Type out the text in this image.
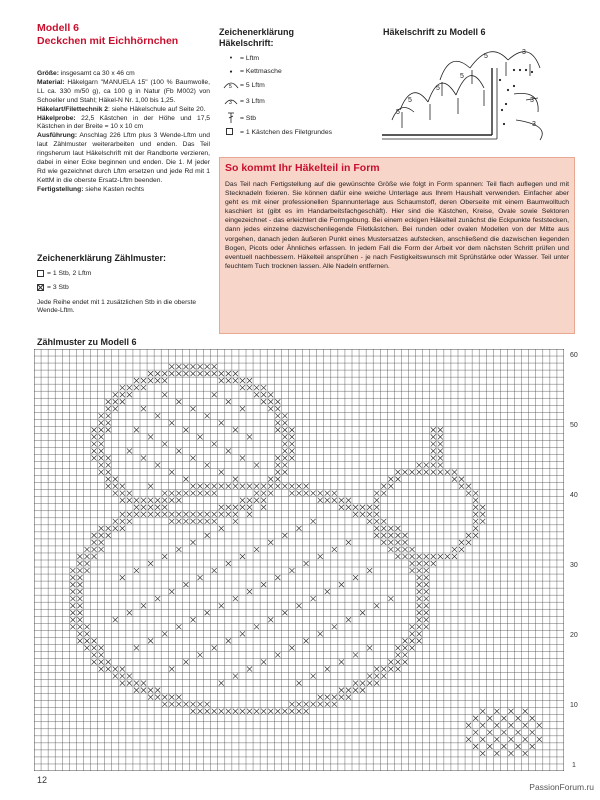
Modell 6
Deckchen mit Eichhörnchen

Größe: insgesamt ca 30 x 46 cm

Material: Häkelgarn "MANUELA 15" (100 % Baumwolle, LL ca. 330 m/50 g), ca 100 g in Natur (Fb M002) von Schoeller und Stahl; Häkel-N Nr. 1,00 bis 1,25.

Häkelart/Filettechnik 2: siehe Häkelschule auf Seite 20.

Häkelprobe: 22,5 Kästchen in der Höhe und 17,5 Kästchen in der Breite = 10 x 10 cm

Ausführung: Anschlag 226 Lftm plus 3 Wende-Lftm und laut Zählmuster weiterarbeiten und enden. Das Teil ringsherum laut Häkelschrift mit der Randborte verzieren, dabei in einer Ecke beginnen und enden. Die 1. M jeder Rd wie gezeichnet durch Lftm ersetzen und jede Rd mit 1 KettM in die oberste Ersatz-Lftm beenden.

Fertigstellung: siehe Kasten rechts

Zeichenerklärung Zählmuster:
= 1 Stb, 2 Lftm
= 3 Stb
Jede Reihe endet mit 1 zusätzlichen Stb in die oberste Wende-Lftm.
Zeichenerklärung
Häkelschrift:
•	= Lftm
●	= Kettmasche
5 = 5 Lftm
3 = 3 Lftm
= Stb
= 1 Kästchen des Filetgrundes
Häkelschrift zu Modell 6
5
5
5
5
3
5
3
3
So kommt Ihr Häkelteil in Form

Das Teil nach Fertigstellung auf die gewünschte Größe wie folgt in Form spannen: Teil flach auflegen und mit Stecknadeln fixieren. Sie können dafür eine weiche Unterlage aus Ihrem Haushalt verwenden. Einfacher aber geht es mit einer professionellen Spannunterlage aus Schaumstoff, deren Oberseite mit einem Baumwolltuch kaschiert ist (gibt es im Handarbeitsfachgeschäft). Hier sind die Kästchen, Kreise, Ovale sowie Sektoren eingezeichnet - das erleichtert die Formgebung. Bei einem eckigen Häkelteil zunächst die Eckpunkte feststecken, dann jedes einzelne dazwischenliegende Filetkästchen. Bei runden oder ovalen Modellen von der Mitte aus vorgehen, danach jeden äußeren Punkt eines Mustersatzes aufstecken, anschließend die dazwischen liegenden Bogen, Picots oder Ähnliches erfassen. In jedem Fall die Form der Arbeit vor dem nächsten Schritt prüfen und eventuell nachbessern. Häkelteil ansprühen - je nach Festigkeitswunsch mit Sprühstärke oder Wasser. Teil unter feuchtem Tuch trocknen lassen. Alle Nadeln entfernen.

Zählmuster zu Modell 6
60
50
40
30
20
10
1
12
PassionForum.ru
